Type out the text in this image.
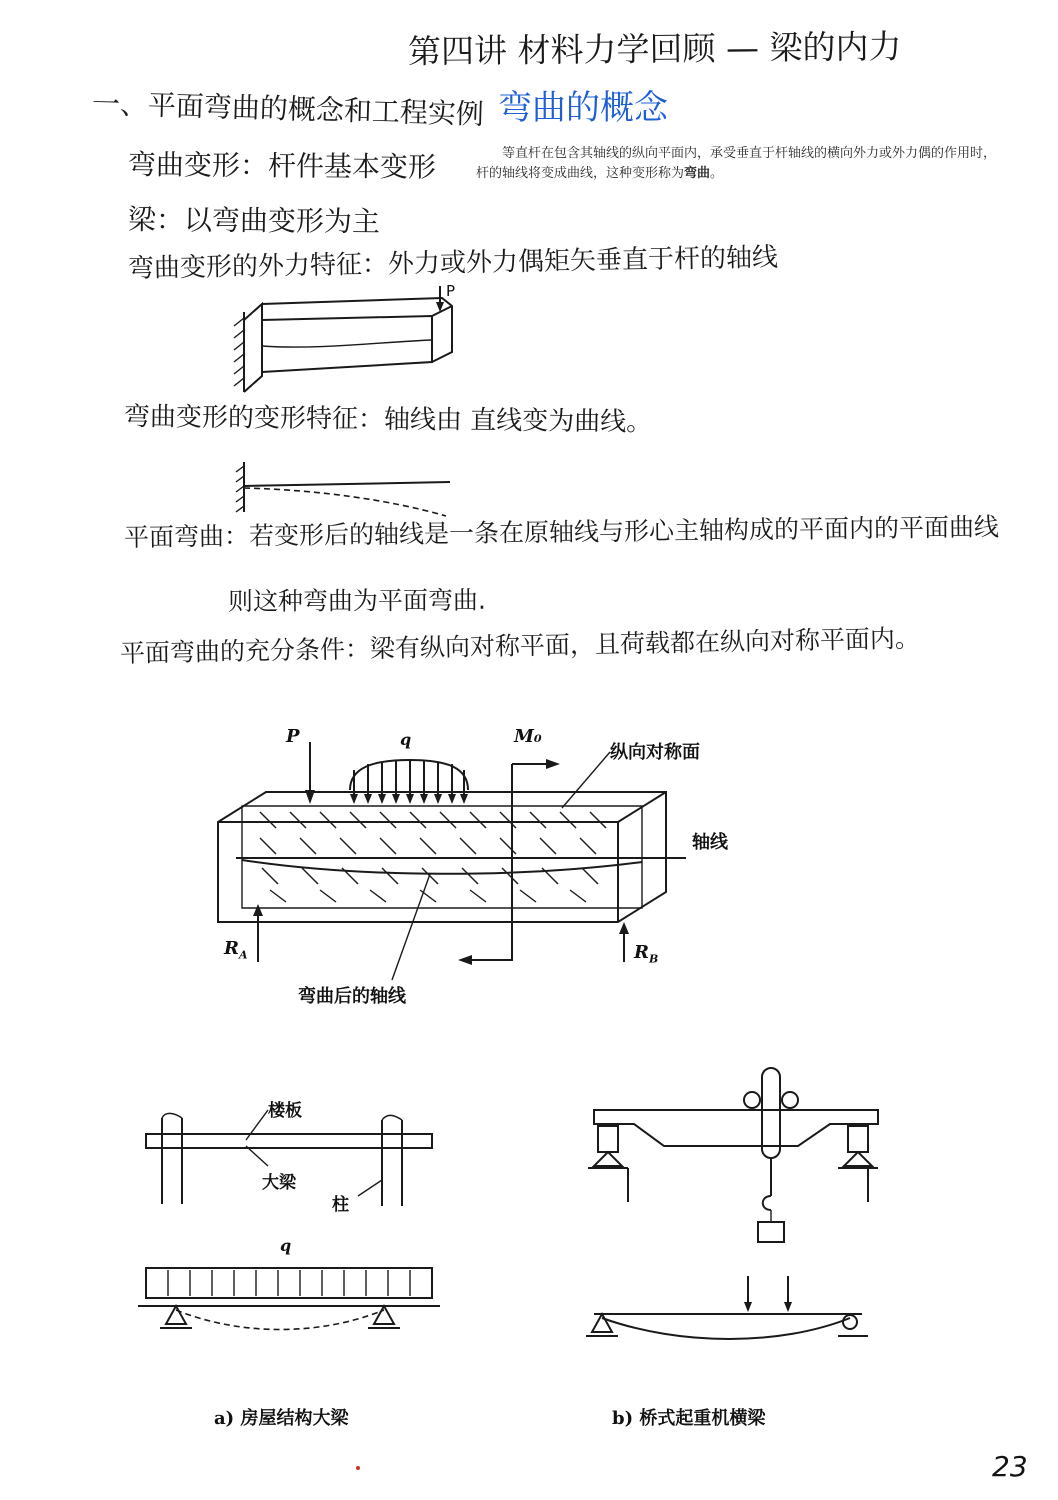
第四讲 材料力学回顾 — 梁的内力
一、平面弯曲的概念和工程实例 弯曲的概念
弯曲变形：杆件基本变形
梁：以弯曲变形为主
弯曲变形的外力特征：外力或外力偶矩矢垂直于杆的轴线
弯曲变形的变形特征：轴线由 直线变为曲线。
平面弯曲：若变形后的轴线是一条在原轴线与形心主轴构成的平面内的平面曲线
则这种弯曲为平面弯曲.
平面弯曲的充分条件：梁有纵向对称平面，且荷载都在纵向对称平面内。
等直杆在包含其轴线的纵向平面内，承受垂直于杆轴线的横向外力或外力偶的作用时，杆的轴线将变成曲线，这种变形称为弯曲。
P
P	q	M₀
纵向对称面
轴线
$R_A$	$R_B$
弯曲后的轴线
楼板
大梁
柱
q
a) 房屋结构大梁	b) 桥式起重机横梁
23
